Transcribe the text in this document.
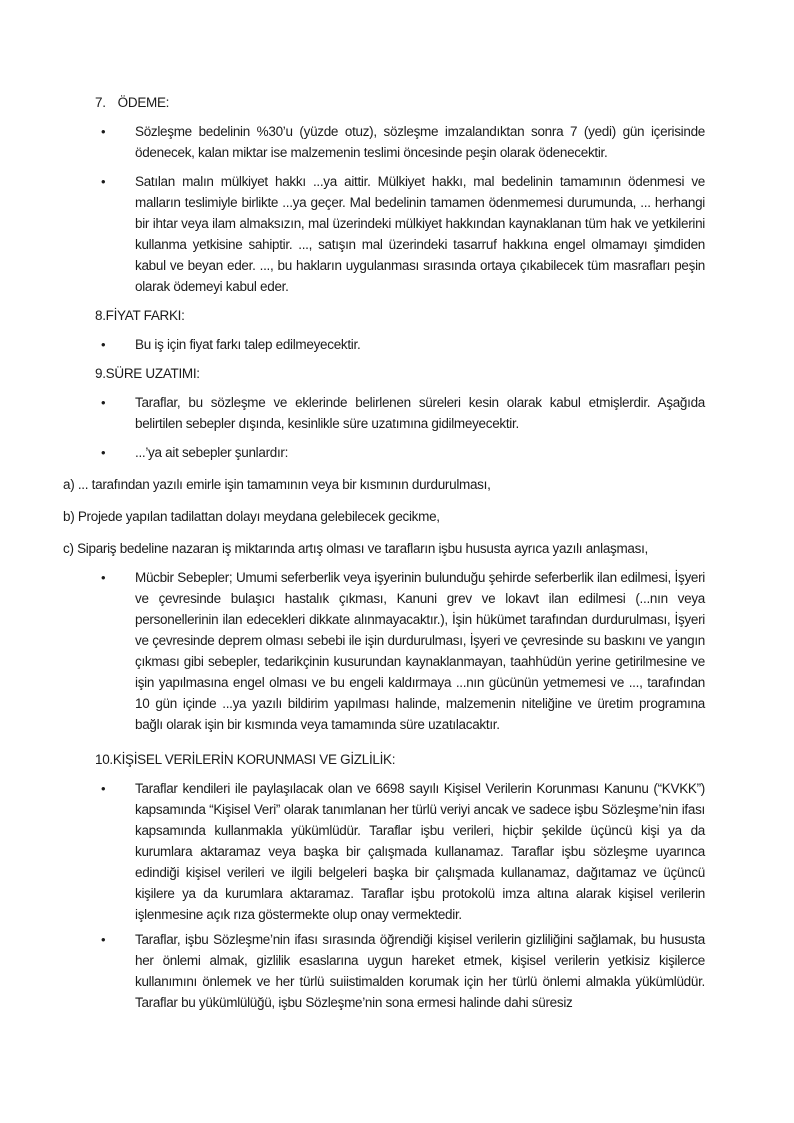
7. ÖDEME:

• Sözleşme bedelinin %30’u (yüzde otuz), sözleşme imzalandıktan sonra 7 (yedi) gün içerisinde ödenecek, kalan miktar ise malzemenin teslimi öncesinde peşin olarak ödenecektir.

• Satılan malın mülkiyet hakkı ...ya aittir. Mülkiyet hakkı, mal bedelinin tamamının ödenmesi ve malların teslimiyle birlikte ...ya geçer. Mal bedelinin tamamen ödenmemesi durumunda, ... herhangi bir ihtar veya ilam almaksızın, mal üzerindeki mülkiyet hakkından kaynaklanan tüm hak ve yetkilerini kullanma yetkisine sahiptir. ..., satışın mal üzerindeki tasarruf hakkına engel olmamayı şimdiden kabul ve beyan eder. ..., bu hakların uygulanması sırasında ortaya çıkabilecek tüm masrafları peşin olarak ödemeyi kabul eder.

8.FİYAT FARKI:

• Bu iş için fiyat farkı talep edilmeyecektir.

9.SÜRE UZATIMI:

• Taraflar, bu sözleşme ve eklerinde belirlenen süreleri kesin olarak kabul etmişlerdir. Aşağıda belirtilen sebepler dışında, kesinlikle süre uzatımına gidilmeyecektir.

• ...’ya ait sebepler şunlardır:

a) ... tarafından yazılı emirle işin tamamının veya bir kısmının durdurulması,

b) Projede yapılan tadilattan dolayı meydana gelebilecek gecikme,

c) Sipariş bedeline nazaran iş miktarında artış olması ve tarafların işbu hususta ayrıca yazılı anlaşması,

• Mücbir Sebepler; Umumi seferberlik veya işyerinin bulunduğu şehirde seferberlik ilan edilmesi, İşyeri ve çevresinde bulaşıcı hastalık çıkması, Kanuni grev ve lokavt ilan edilmesi (...nın veya personellerinin ilan edecekleri dikkate alınmayacaktır.), İşin hükümet tarafından durdurulması, İşyeri ve çevresinde deprem olması sebebi ile işin durdurulması, İşyeri ve çevresinde su baskını ve yangın çıkması gibi sebepler, tedarikçinin kusurundan kaynaklanmayan, taahhüdün yerine getirilmesine ve işin yapılmasına engel olması ve bu engeli kaldırmaya ...nın gücünün yetmemesi ve ..., tarafından 10 gün içinde ...ya yazılı bildirim yapılması halinde, malzemenin niteliğine ve üretim programına bağlı olarak işin bir kısmında veya tamamında süre uzatılacaktır.

10.KİŞİSEL VERİLERİN KORUNMASI VE GİZLİLİK:

• Taraflar kendileri ile paylaşılacak olan ve 6698 sayılı Kişisel Verilerin Korunması Kanunu (“KVKK”) kapsamında “Kişisel Veri” olarak tanımlanan her türlü veriyi ancak ve sadece işbu Sözleşme’nin ifası kapsamında kullanmakla yükümlüdür. Taraflar işbu verileri, hiçbir şekilde üçüncü kişi ya da kurumlara aktaramaz veya başka bir çalışmada kullanamaz. Taraflar işbu sözleşme uyarınca edindiği kişisel verileri ve ilgili belgeleri başka bir çalışmada kullanamaz, dağıtamaz ve üçüncü kişilere ya da kurumlara aktaramaz. Taraflar işbu protokolü imza altına alarak kişisel verilerin işlenmesine açık rıza göstermekte olup onay vermektedir.

• Taraflar, işbu Sözleşme’nin ifası sırasında öğrendiği kişisel verilerin gizliliğini sağlamak, bu hususta her önlemi almak, gizlilik esaslarına uygun hareket etmek, kişisel verilerin yetkisiz kişilerce kullanımını önlemek ve her türlü suiistimalden korumak için her türlü önlemi almakla yükümlüdür. Taraflar bu yükümlülüğü, işbu Sözleşme’nin sona ermesi halinde dahi süresiz
